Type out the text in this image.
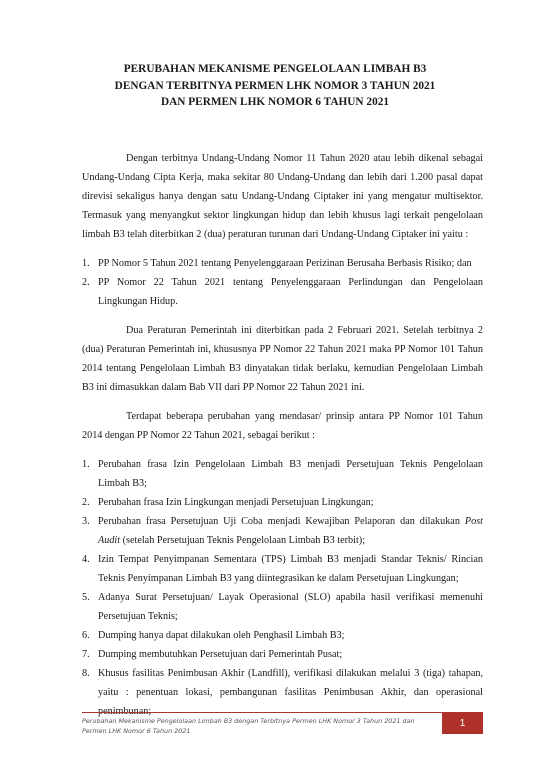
PERUBAHAN MEKANISME PENGELOLAAN LIMBAH B3
DENGAN TERBITNYA PERMEN LHK NOMOR 3 TAHUN 2021
DAN PERMEN LHK NOMOR 6 TAHUN 2021

Dengan terbitnya Undang-Undang Nomor 11 Tahun 2020 atau lebih dikenal sebagai Undang-Undang Cipta Kerja, maka sekitar 80 Undang-Undang dan lebih dari 1.200 pasal dapat direvisi sekaligus hanya dengan satu Undang-Undang Ciptaker ini yang mengatur multisektor. Termasuk yang menyangkut sektor lingkungan hidup dan lebih khusus lagi terkait pengelolaan limbah B3 telah diterbitkan 2 (dua) peraturan turunan dari Undang-Undang Ciptaker ini yaitu :

1. PP Nomor 5 Tahun 2021 tentang Penyelenggaraan Perizinan Berusaha Berbasis Risiko; dan
2. PP Nomor 22 Tahun 2021 tentang Penyelenggaraan Perlindungan dan Pengelolaan Lingkungan Hidup.

Dua Peraturan Pemerintah ini diterbitkan pada 2 Februari 2021. Setelah terbitnya 2 (dua) Peraturan Pemerintah ini, khususnya PP Nomor 22 Tahun 2021 maka PP Nomor 101 Tahun 2014 tentang Pengelolaan Limbah B3 dinyatakan tidak berlaku, kemudian Pengelolaan Limbah B3 ini dimasukkan dalam Bab VII dari PP Nomor 22 Tahun 2021 ini.

Terdapat beberapa perubahan yang mendasar/ prinsip antara PP Nomor 101 Tahun 2014 dengan PP Nomor 22 Tahun 2021, sebagai berikut :

1. Perubahan frasa Izin Pengelolaan Limbah B3 menjadi Persetujuan Teknis Pengelolaan Limbah B3;
2. Perubahan frasa Izin Lingkungan menjadi Persetujuan Lingkungan;
3. Perubahan frasa Persetujuan Uji Coba menjadi Kewajiban Pelaporan dan dilakukan Post Audit (setelah Persetujuan Teknis Pengelolaan Limbah B3 terbit);
4. Izin Tempat Penyimpanan Sementara (TPS) Limbah B3 menjadi Standar Teknis/ Rincian Teknis Penyimpanan Limbah B3 yang diintegrasikan ke dalam Persetujuan Lingkungan;
5. Adanya Surat Persetujuan/ Layak Operasional (SLO) apabila hasil verifikasi memenuhi Persetujuan Teknis;
6. Dumping hanya dapat dilakukan oleh Penghasil Limbah B3;
7. Dumping membutuhkan Persetujuan dari Pemerintah Pusat;
8. Khusus fasilitas Penimbusan Akhir (Landfill), verifikasi dilakukan melalui 3 (tiga) tahapan, yaitu : penentuan lokasi, pembangunan fasilitas Penimbusan Akhir, dan operasional penimbunan;
Perubahan Mekanisme Pengelolaan Limbah B3 dengan Terbitnya Permen LHK Nomor 3 Tahun 2021 dan Permen LHK Nomor 6 Tahun 2021
1
